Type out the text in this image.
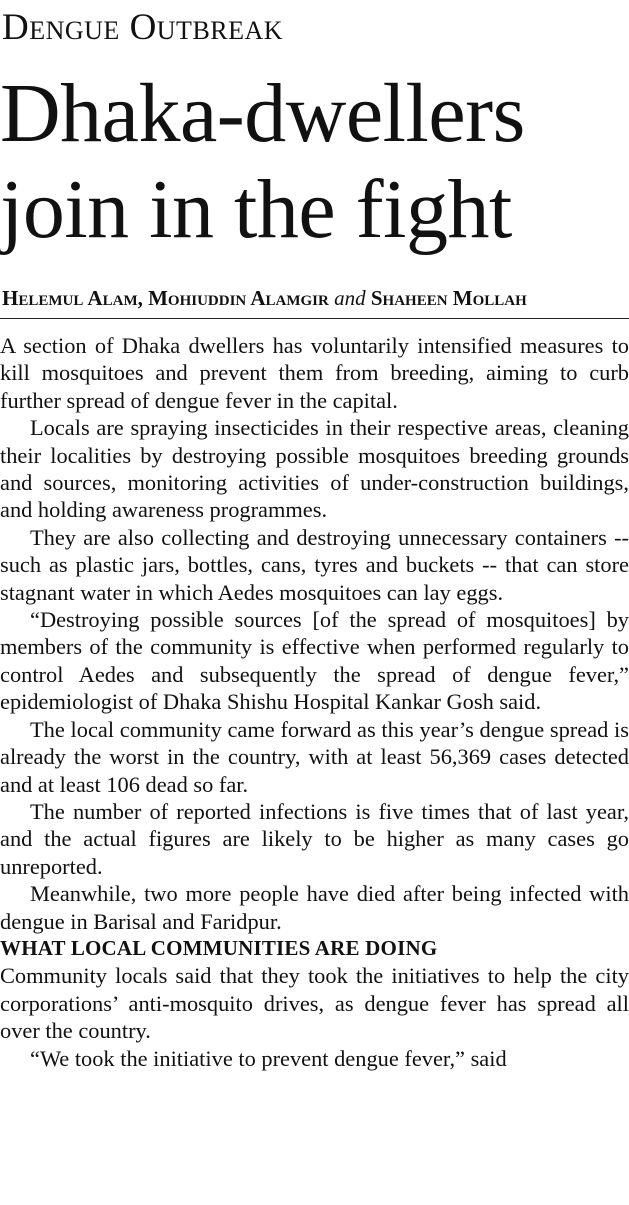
Dengue Outbreak
Dhaka-dwellers
join in the fight
Helemul Alam, Mohiuddin Alamgir and Shaheen Mollah

A section of Dhaka dwellers has voluntarily intensified measures to kill mosquitoes and prevent them from breeding, aiming to curb further spread of dengue fever in the capital.

Locals are spraying insecticides in their respective areas, cleaning their localities by destroying possible mosquitoes breeding grounds and sources, monitoring activities of under-construction buildings, and holding awareness programmes.

They are also collecting and destroying unnecessary containers -- such as plastic jars, bottles, cans, tyres and buckets -- that can store stagnant water in which Aedes mosquitoes can lay eggs.

“Destroying possible sources [of the spread of mosquitoes] by members of the community is effective when performed regularly to control Aedes and subsequently the spread of dengue fever,” epidemiologist of Dhaka Shishu Hospital Kankar Gosh said.

The local community came forward as this year’s dengue spread is already the worst in the country, with at least 56,369 cases detected and at least 106 dead so far.

The number of reported infections is five times that of last year, and the actual figures are likely to be higher as many cases go unreported.

Meanwhile, two more people have died after being infected with dengue in Barisal and Faridpur.

WHAT LOCAL COMMUNITIES ARE DOING

Community locals said that they took the initiatives to help the city corporations’ anti-mosquito drives, as dengue fever has spread all over the country.

“We took the initiative to prevent dengue fever,” said
